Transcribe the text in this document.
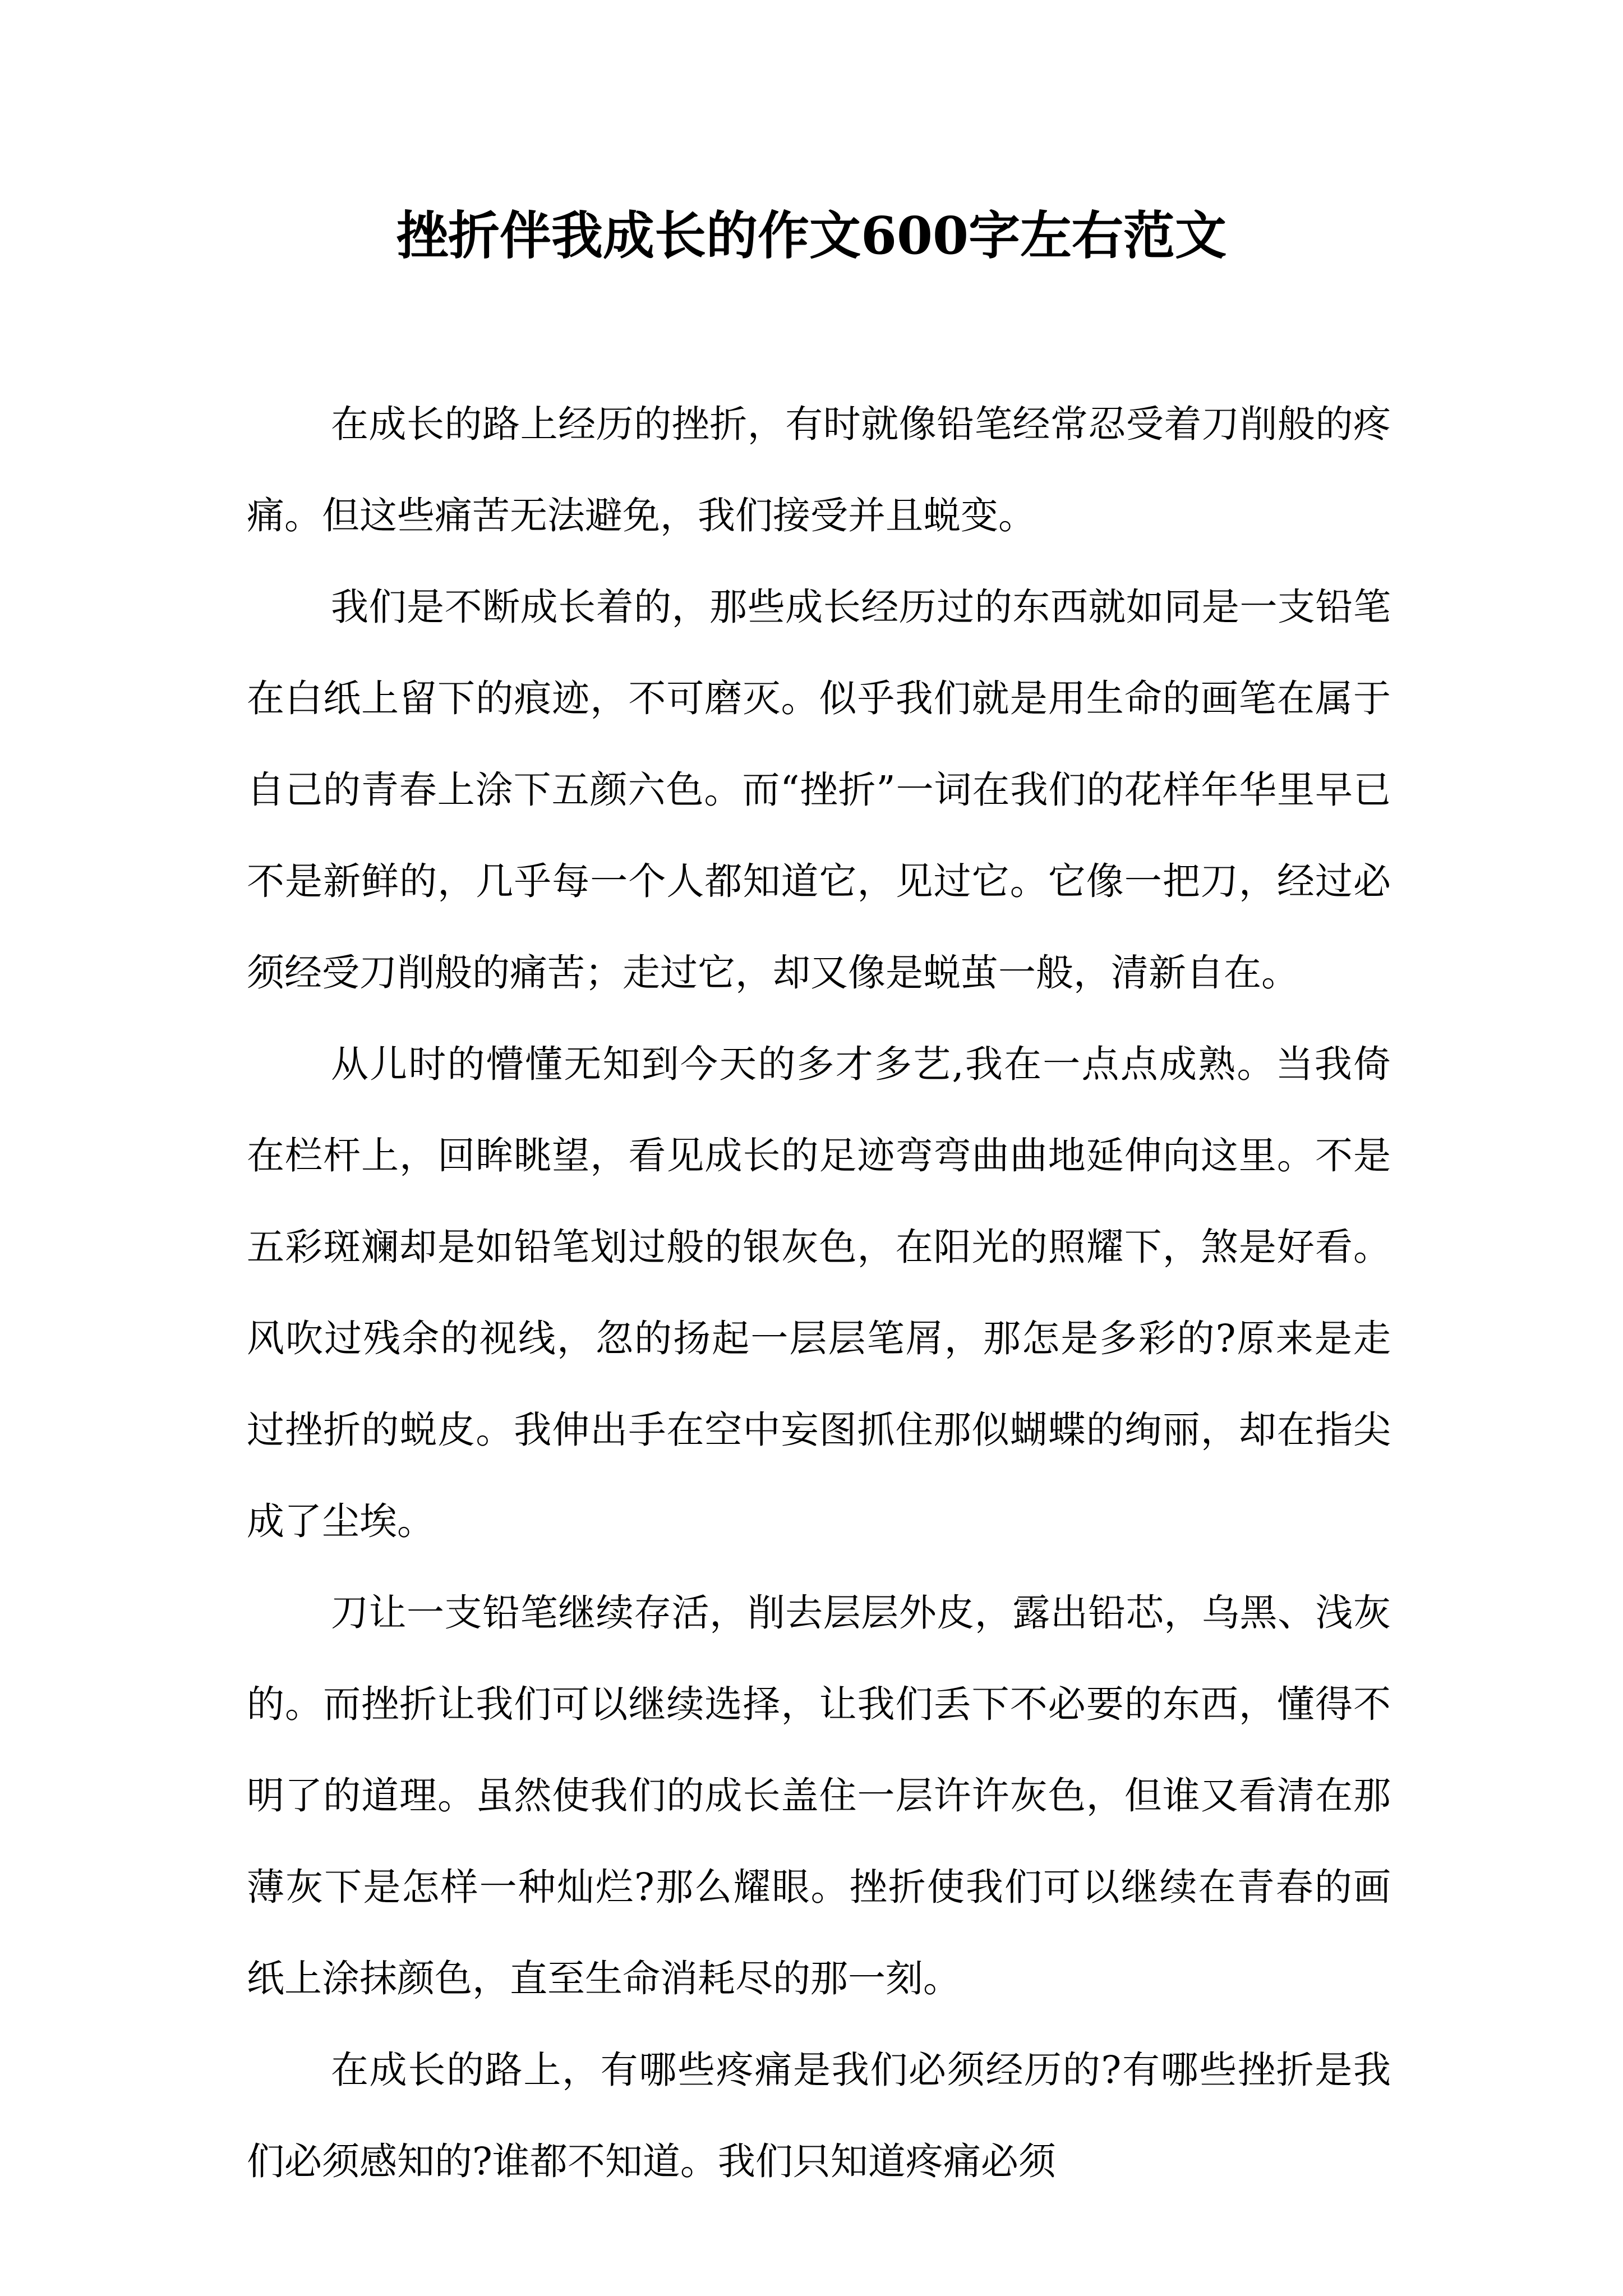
挫折伴我成长的作文600字左右范文

在成长的路上经历的挫折，有时就像铅笔经常忍受着刀削般的疼痛。但这些痛苦无法避免，我们接受并且蜕变。

我们是不断成长着的，那些成长经历过的东西就如同是一支铅笔在白纸上留下的痕迹，不可磨灭。似乎我们就是用生命的画笔在属于自己的青春上涂下五颜六色。而“挫折”一词在我们的花样年华里早已不是新鲜的，几乎每一个人都知道它，见过它。它像一把刀，经过必须经受刀削般的痛苦；走过它，却又像是蜕茧一般，清新自在。

从儿时的懵懂无知到今天的多才多艺,我在一点点成熟。当我倚在栏杆上，回眸眺望，看见成长的足迹弯弯曲曲地延伸向这里。不是五彩斑斓却是如铅笔划过般的银灰色，在阳光的照耀下，煞是好看。风吹过残余的视线，忽的扬起一层层笔屑，那怎是多彩的?原来是走过挫折的蜕皮。我伸出手在空中妄图抓住那似蝴蝶的绚丽，却在指尖成了尘埃。

刀让一支铅笔继续存活，削去层层外皮，露出铅芯，乌黑、浅灰的。而挫折让我们可以继续选择，让我们丢下不必要的东西，懂得不明了的道理。虽然使我们的成长盖住一层许许灰色，但谁又看清在那薄灰下是怎样一种灿烂?那么耀眼。挫折使我们可以继续在青春的画纸上涂抹颜色，直至生命消耗尽的那一刻。

在成长的路上，有哪些疼痛是我们必须经历的?有哪些挫折是我们必须感知的?谁都不知道。我们只知道疼痛必须
